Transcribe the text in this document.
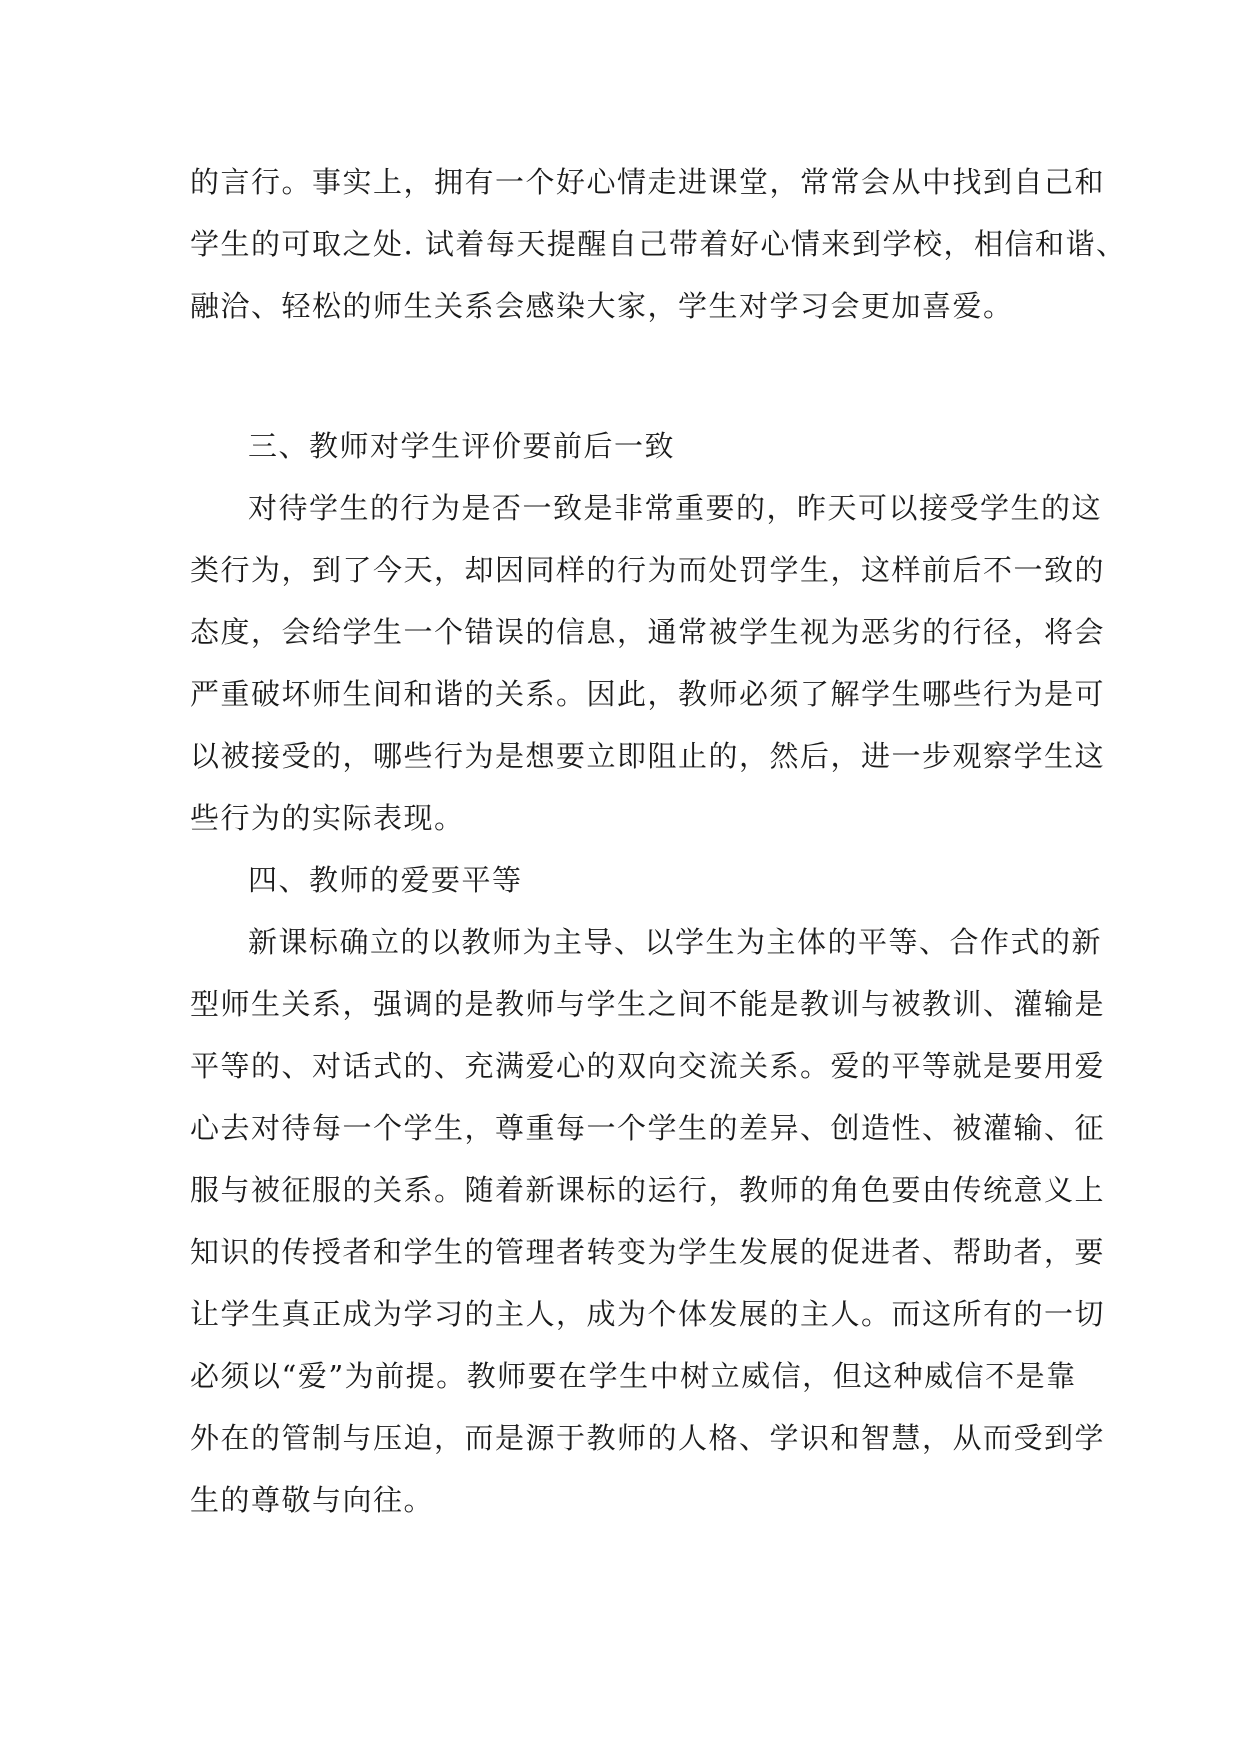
的言行。事实上，拥有一个好心情走进课堂，常常会从中找到自己和

学生的可取之处. 试着每天提醒自己带着好心情来到学校，相信和谐、

融洽、轻松的师生关系会感染大家，学生对学习会更加喜爱。

三、教师对学生评价要前后一致

对待学生的行为是否一致是非常重要的，昨天可以接受学生的这

类行为，到了今天，却因同样的行为而处罚学生，这样前后不一致的

态度，会给学生一个错误的信息，通常被学生视为恶劣的行径，将会

严重破坏师生间和谐的关系。因此，教师必须了解学生哪些行为是可

以被接受的，哪些行为是想要立即阻止的，然后，进一步观察学生这

些行为的实际表现。

四、教师的爱要平等

新课标确立的以教师为主导、以学生为主体的平等、合作式的新

型师生关系，强调的是教师与学生之间不能是教训与被教训、灌输是

平等的、对话式的、充满爱心的双向交流关系。爱的平等就是要用爱

心去对待每一个学生，尊重每一个学生的差异、创造性、被灌输、征

服与被征服的关系。随着新课标的运行，教师的角色要由传统意义上

知识的传授者和学生的管理者转变为学生发展的促进者、帮助者，要

让学生真正成为学习的主人，成为个体发展的主人。而这所有的一切

必须以“爱”为前提。教师要在学生中树立威信，但这种威信不是靠

外在的管制与压迫，而是源于教师的人格、学识和智慧，从而受到学

生的尊敬与向往。
